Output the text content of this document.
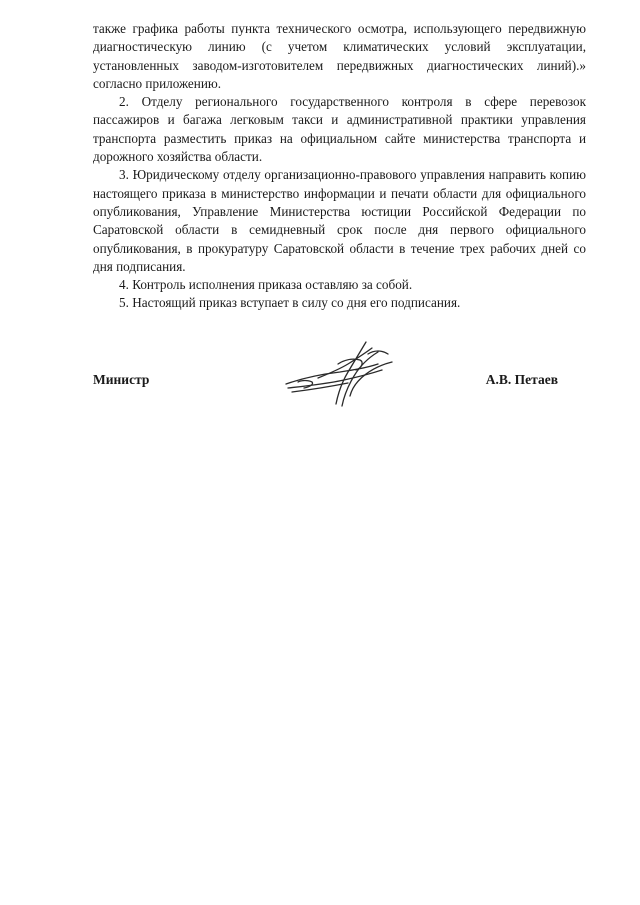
также графика работы пункта технического осмотра, использующего передвижную диагностическую линию (с учетом климатических условий эксплуатации, установленных заводом-изготовителем передвижных диагностических линий).» согласно приложению.

2. Отделу регионального государственного контроля в сфере перевозок пассажиров и багажа легковым такси и административной практики управления транспорта разместить приказ на официальном сайте министерства транспорта и дорожного хозяйства области.

3. Юридическому отделу организационно-правового управления направить копию настоящего приказа в министерство информации и печати области для официального опубликования, Управление Министерства юстиции Российской Федерации по Саратовской области в семидневный срок после дня первого официального опубликования, в прокуратуру Саратовской области в течение трех рабочих дней со дня подписания.

4. Контроль исполнения приказа оставляю за собой.

5. Настоящий приказ вступает в силу со дня его подписания.

Министр	А.В. Петаев
